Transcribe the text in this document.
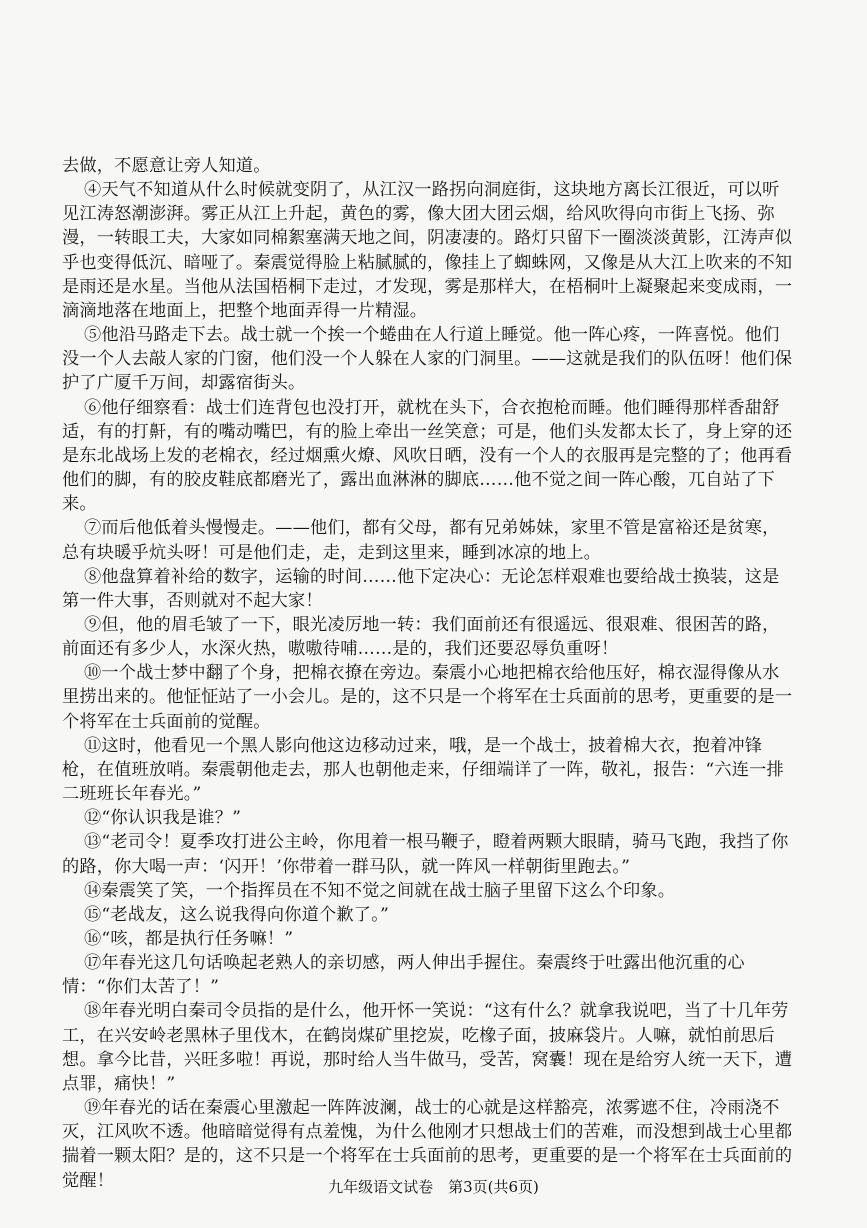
去做，不愿意让旁人知道。

④天气不知道从什么时候就变阴了，从江汉一路拐向洞庭街，这块地方离长江很近，可以听见江涛怒潮澎湃。雾正从江上升起，黄色的雾，像大团大团云烟，给风吹得向市街上飞扬、弥漫，一转眼工夫，大家如同棉絮塞满天地之间，阴凄凄的。路灯只留下一圈淡淡黄影，江涛声似乎也变得低沉、暗哑了。秦震觉得脸上粘腻腻的，像挂上了蜘蛛网，又像是从大江上吹来的不知是雨还是水星。当他从法国梧桐下走过，才发现，雾是那样大，在梧桐叶上凝聚起来变成雨，一滴滴地落在地面上，把整个地面弄得一片精湿。

⑤他沿马路走下去。战士就一个挨一个蜷曲在人行道上睡觉。他一阵心疼，一阵喜悦。他们没一个人去敲人家的门窗，他们没一个人躲在人家的门洞里。——这就是我们的队伍呀！他们保护了广厦千万间，却露宿街头。

⑥他仔细察看：战士们连背包也没打开，就枕在头下，合衣抱枪而睡。他们睡得那样香甜舒适，有的打鼾，有的嘴动嘴巴，有的脸上牵出一丝笑意；可是，他们头发都太长了，身上穿的还是东北战场上发的老棉衣，经过烟熏火燎、风吹日晒，没有一个人的衣服再是完整的了；他再看他们的脚，有的胶皮鞋底都磨光了，露出血淋淋的脚底……他不觉之间一阵心酸，兀自站了下来。

⑦而后他低着头慢慢走。——他们，都有父母，都有兄弟姊妹，家里不管是富裕还是贫寒，总有块暖乎炕头呀！可是他们走，走，走到这里来，睡到冰凉的地上。

⑧他盘算着补给的数字，运输的时间……他下定决心：无论怎样艰难也要给战士换装，这是第一件大事，否则就对不起大家！

⑨但，他的眉毛皱了一下，眼光凌厉地一转：我们面前还有很遥远、很艰难、很困苦的路，前面还有多少人，水深火热，嗷嗷待哺……是的，我们还要忍辱负重呀！

⑩一个战士梦中翻了个身，把棉衣撩在旁边。秦震小心地把棉衣给他压好，棉衣湿得像从水里捞出来的。他怔怔站了一小会儿。是的，这不只是一个将军在士兵面前的思考，更重要的是一个将军在士兵面前的觉醒。

⑪这时，他看见一个黑人影向他这边移动过来，哦，是一个战士，披着棉大衣，抱着冲锋枪，在值班放哨。秦震朝他走去，那人也朝他走来，仔细端详了一阵，敬礼，报告：“六连一排二班班长年春光。”

⑫“你认识我是谁？”

⑬“老司令！夏季攻打进公主岭，你甩着一根马鞭子，瞪着两颗大眼睛，骑马飞跑，我挡了你的路，你大喝一声：‘闪开！’你带着一群马队，就一阵风一样朝街里跑去。”

⑭秦震笑了笑，一个指挥员在不知不觉之间就在战士脑子里留下这么个印象。

⑮“老战友，这么说我得向你道个歉了。”

⑯“咳，都是执行任务嘛！”

⑰年春光这几句话唤起老熟人的亲切感，两人伸出手握住。秦震终于吐露出他沉重的心情：“你们太苦了！”

⑱年春光明白秦司令员指的是什么，他开怀一笑说：“这有什么？就拿我说吧，当了十几年劳工，在兴安岭老黑林子里伐木，在鹤岗煤矿里挖炭，吃橡子面，披麻袋片。人嘛，就怕前思后想。拿今比昔，兴旺多啦！再说，那时给人当牛做马，受苦，窝囊！现在是给穷人统一天下，遭点罪，痛快！”

⑲年春光的话在秦震心里激起一阵阵波澜，战士的心就是这样豁亮，浓雾遮不住，冷雨浇不灭，江风吹不透。他暗暗觉得有点羞愧，为什么他刚才只想战士们的苦难，而没想到战士心里都揣着一颗太阳？是的，这不只是一个将军在士兵面前的思考，更重要的是一个将军在士兵面前的觉醒！	九年级语文试卷　第3页(共6页)
